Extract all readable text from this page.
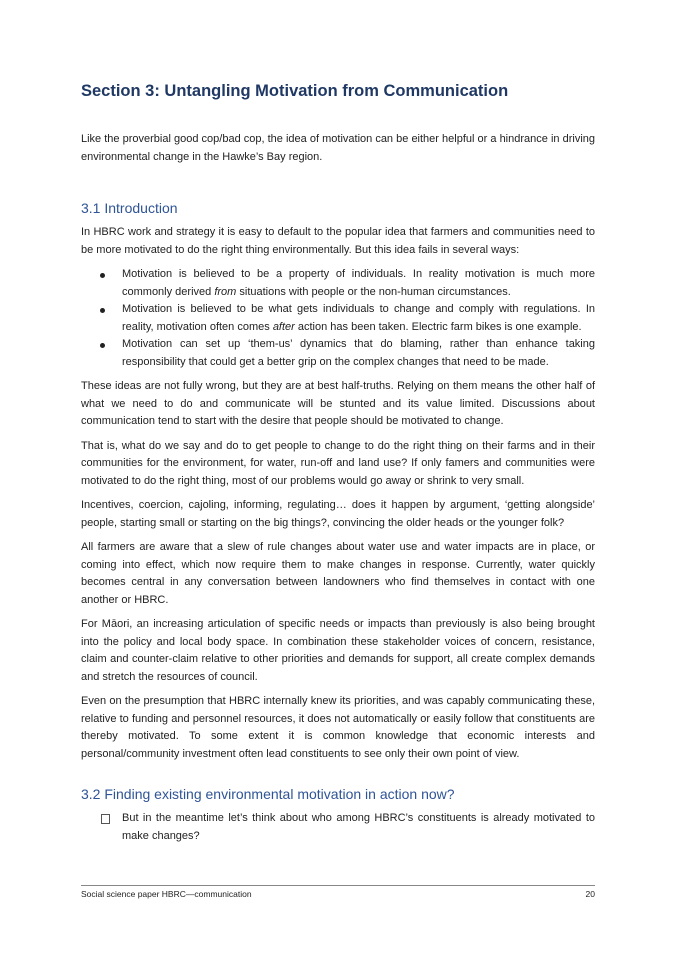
Section 3: Untangling Motivation from Communication

Like the proverbial good cop/bad cop, the idea of motivation can be either helpful or a hindrance in driving environmental change in the Hawke’s Bay region.

3.1 Introduction

In HBRC work and strategy it is easy to default to the popular idea that farmers and communities need to be more motivated to do the right thing environmentally. But this idea fails in several ways:

Motivation is believed to be a property of individuals. In reality motivation is much more commonly derived from situations with people or the non-human circumstances.
Motivation is believed to be what gets individuals to change and comply with regulations. In reality, motivation often comes after action has been taken. Electric farm bikes is one example.
Motivation can set up ‘them-us’ dynamics that do blaming, rather than enhance taking responsibility that could get a better grip on the complex changes that need to be made.

These ideas are not fully wrong, but they are at best half-truths. Relying on them means the other half of what we need to do and communicate will be stunted and its value limited. Discussions about communication tend to start with the desire that people should be motivated to change.

That is, what do we say and do to get people to change to do the right thing on their farms and in their communities for the environment, for water, run-off and land use? If only famers and communities were motivated to do the right thing, most of our problems would go away or shrink to very small.

Incentives, coercion, cajoling, informing, regulating… does it happen by argument, ‘getting alongside’ people, starting small or starting on the big things?, convincing the older heads or the younger folk?

All farmers are aware that a slew of rule changes about water use and water impacts are in place, or coming into effect, which now require them to make changes in response. Currently, water quickly becomes central in any conversation between landowners who find themselves in contact with one another or HBRC.

For Māori, an increasing articulation of specific needs or impacts than previously is also being brought into the policy and local body space. In combination these stakeholder voices of concern, resistance, claim and counter-claim relative to other priorities and demands for support, all create complex demands and stretch the resources of council.

Even on the presumption that HBRC internally knew its priorities, and was capably communicating these, relative to funding and personnel resources, it does not automatically or easily follow that constituents are thereby motivated. To some extent it is common knowledge that economic interests and personal/community investment often lead constituents to see only their own point of view.

3.2 Finding existing environmental motivation in action now?
But in the meantime let’s think about who among HBRC’s constituents is already motivated to make changes?
Social science paper HBRC—communication	20
